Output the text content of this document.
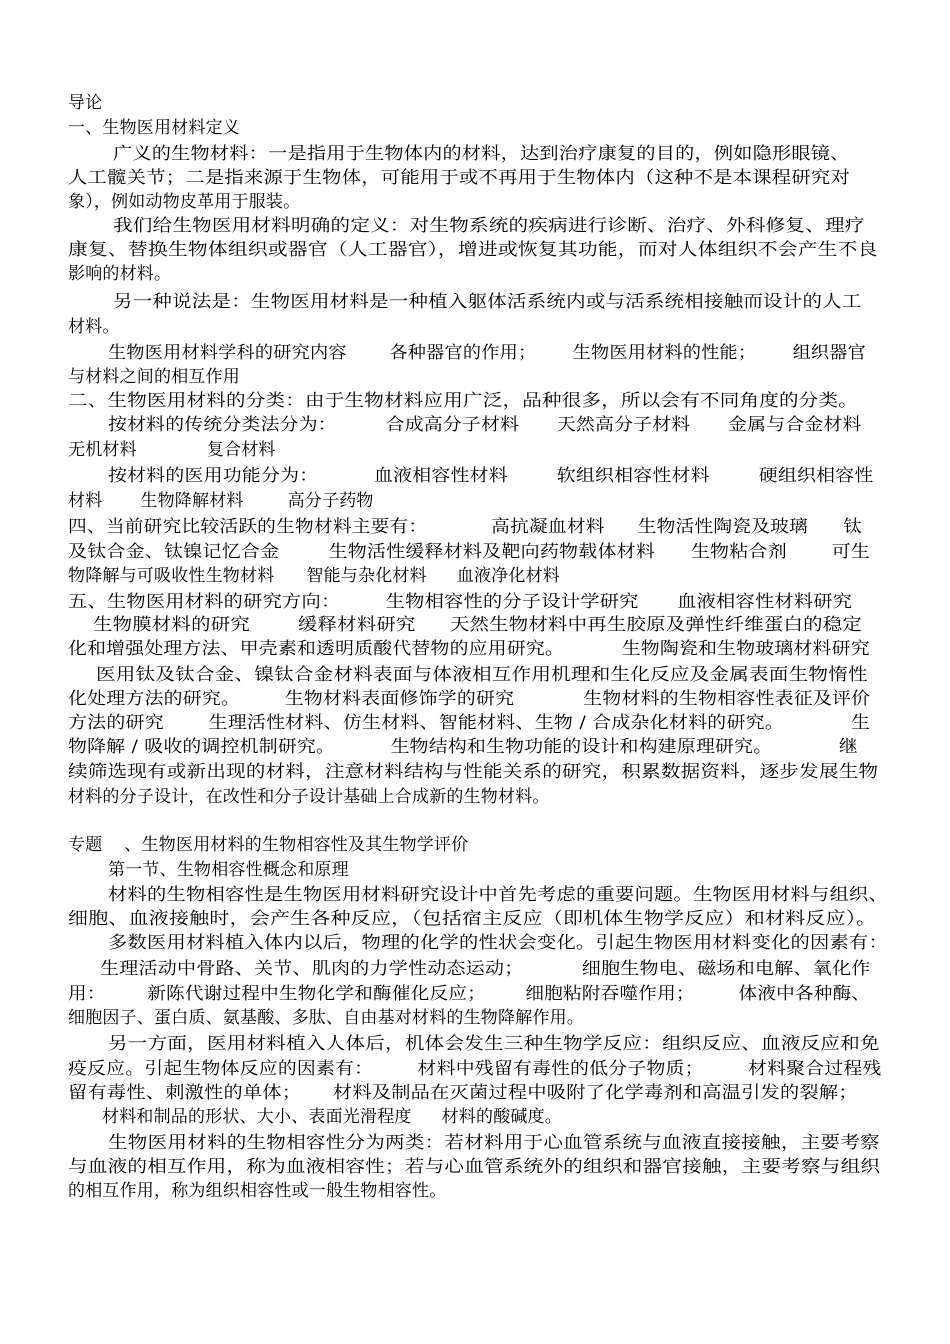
导论
一、生物医用材料定义
广义的生物材料：一是指用于生物体内的材料，达到治疗康复的目的，例如隐形眼镜、
人工髋关节；二是指来源于生物体，可能用于或不再用于生物体内（这种不是本课程研究对
象），例如动物皮革用于服装。
我们给生物医用材料明确的定义：对生物系统的疾病进行诊断、治疗、外科修复、理疗
康复、替换生物体组织或器官（人工器官），增进或恢复其功能，而对人体组织不会产生不良
影响的材料。
另一种说法是：生物医用材料是一种植入躯体活系统内或与活系统相接触而设计的人工
材料。
生物医用材料学科的研究内容	各种器官的作用； 生物医用材料的性能； 组织器官
与材料之间的相互作用
二、生物医用材料的分类：由于生物材料应用广泛，品种很多，所以会有不同角度的分类。
按材料的传统分类法分为：	合成高分子材料 天然高分子材料 金属与合金材料
无机材料	复合材料
按材料的医用功能分为：	血液相容性材料	软组织相容性材料	硬组织相容性
材料 生物降解材料	高分子药物
四、当前研究比较活跃的生物材料主要有：	高抗凝血材料 生物活性陶瓷及玻璃 钛
及钛合金、钛镍记忆合金	生物活性缓释材料及靶向药物载体材料 生物粘合剂	可生
物降解与可吸收性生物材料 智能与杂化材料 血液净化材料
五、生物医用材料的研究方向：	生物相容性的分子设计学研究 血液相容性材料研究
生物膜材料的研究	缓释材料研究 天然生物材料中再生胶原及弹性纤维蛋白的稳定
化和增强处理方法、甲壳素和透明质酸代替物的应用研究。	生物陶瓷和生物玻璃材料研究
医用钛及钛合金、镍钛合金材料表面与体液相互作用机理和生化反应及金属表面生物惰性
化处理方法的研究。	生物材料表面修饰学的研究	生物材料的生物相容性表征及评价
方法的研究	生理活性材料、仿生材料、智能材料、生物 / 合成杂化材料的研究。	生
物降解 / 吸收的调控机制研究。	生物结构和生物功能的设计和构建原理研究。	继
续筛选现有或新出现的材料，注意材料结构与性能关系的研究，积累数据资料，逐步发展生物
材料的分子设计，在改性和分子设计基础上合成新的生物材料。
专题 、生物医用材料的生物相容性及其生物学评价
第一节、生物相容性概念和原理
材料的生物相容性是生物医用材料研究设计中首先考虑的重要问题。生物医用材料与组织、
细胞、血液接触时，会产生各种反应，（包括宿主反应（即机体生物学反应）和材料反应）。
多数医用材料植入体内以后，物理的化学的性状会变化。引起生物医用材料变化的因素有：
生理活动中骨路、关节、肌肉的力学性动态运动；	细胞生物电、磁场和电解、氧化作
用： 新陈代谢过程中生物化学和酶催化反应； 细胞粘附吞噬作用；	体液中各种酶、
细胞因子、蛋白质、氨基酸、多肽、自由基对材料的生物降解作用。
另一方面，医用材料植入人体后，机体会发生三种生物学反应：组织反应、血液反应和免
疫反应。引起生物体反应的因素有：	材料中残留有毒性的低分子物质；	材料聚合过程残
留有毒性、刺激性的单体； 材料及制品在灭菌过程中吸附了化学毒剂和高温引发的裂解；
材料和制品的形状、大小、表面光滑程度 材料的酸碱度。
生物医用材料的生物相容性分为两类：若材料用于心血管系统与血液直接接触，主要考察
与血液的相互作用，称为血液相容性；若与心血管系统外的组织和器官接触，主要考察与组织
的相互作用，称为组织相容性或一般生物相容性。
